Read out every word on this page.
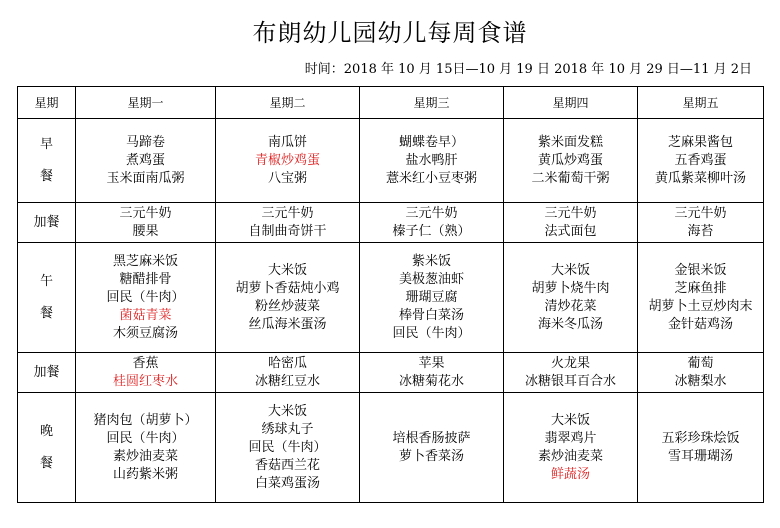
布朗幼儿园幼儿每周食谱
时间：2018 年 10 月 15日—10 月 19 日 2018 年 10 月 29 日—11 月 2日
星期	星期一	星期二	星期三	星期四	星期五

早
餐	马蹄卷
煮鸡蛋
玉米面南瓜粥	南瓜饼
青椒炒鸡蛋
八宝粥	蝴蝶卷早）
盐水鸭肝
薏米红小豆枣粥	紫米面发糕
黄瓜炒鸡蛋
二米葡萄干粥	芝麻果酱包
五香鸡蛋
黄瓜紫菜柳叶汤

加餐	三元牛奶
腰果	三元牛奶
自制曲奇饼干	三元牛奶
榛子仁（熟）	三元牛奶
法式面包	三元牛奶
海苔

午
餐	黑芝麻米饭
糖醋排骨
回民（牛肉）
菌菇青菜
木须豆腐汤	大米饭
胡萝卜香菇炖小鸡
粉丝炒菠菜
丝瓜海米蛋汤	紫米饭
美极葱油虾
珊瑚豆腐
棒骨白菜汤
回民（牛肉）	大米饭
胡萝卜烧牛肉
清炒花菜
海米冬瓜汤	金银米饭
芝麻鱼排
胡萝卜土豆炒肉末
金针菇鸡汤

加餐	香蕉
桂圆红枣水	哈密瓜
冰糖红豆水	苹果
冰糖菊花水	火龙果
冰糖银耳百合水	葡萄
冰糖梨水

晚
餐	猪肉包（胡萝卜）
回民（牛肉）
素炒油麦菜
山药紫米粥	大米饭
绣球丸子
回民（牛肉）
香菇西兰花
白菜鸡蛋汤	培根香肠披萨
萝卜香菜汤	大米饭
翡翠鸡片
素炒油麦菜
鲜蔬汤	五彩珍珠烩饭
雪耳珊瑚汤
